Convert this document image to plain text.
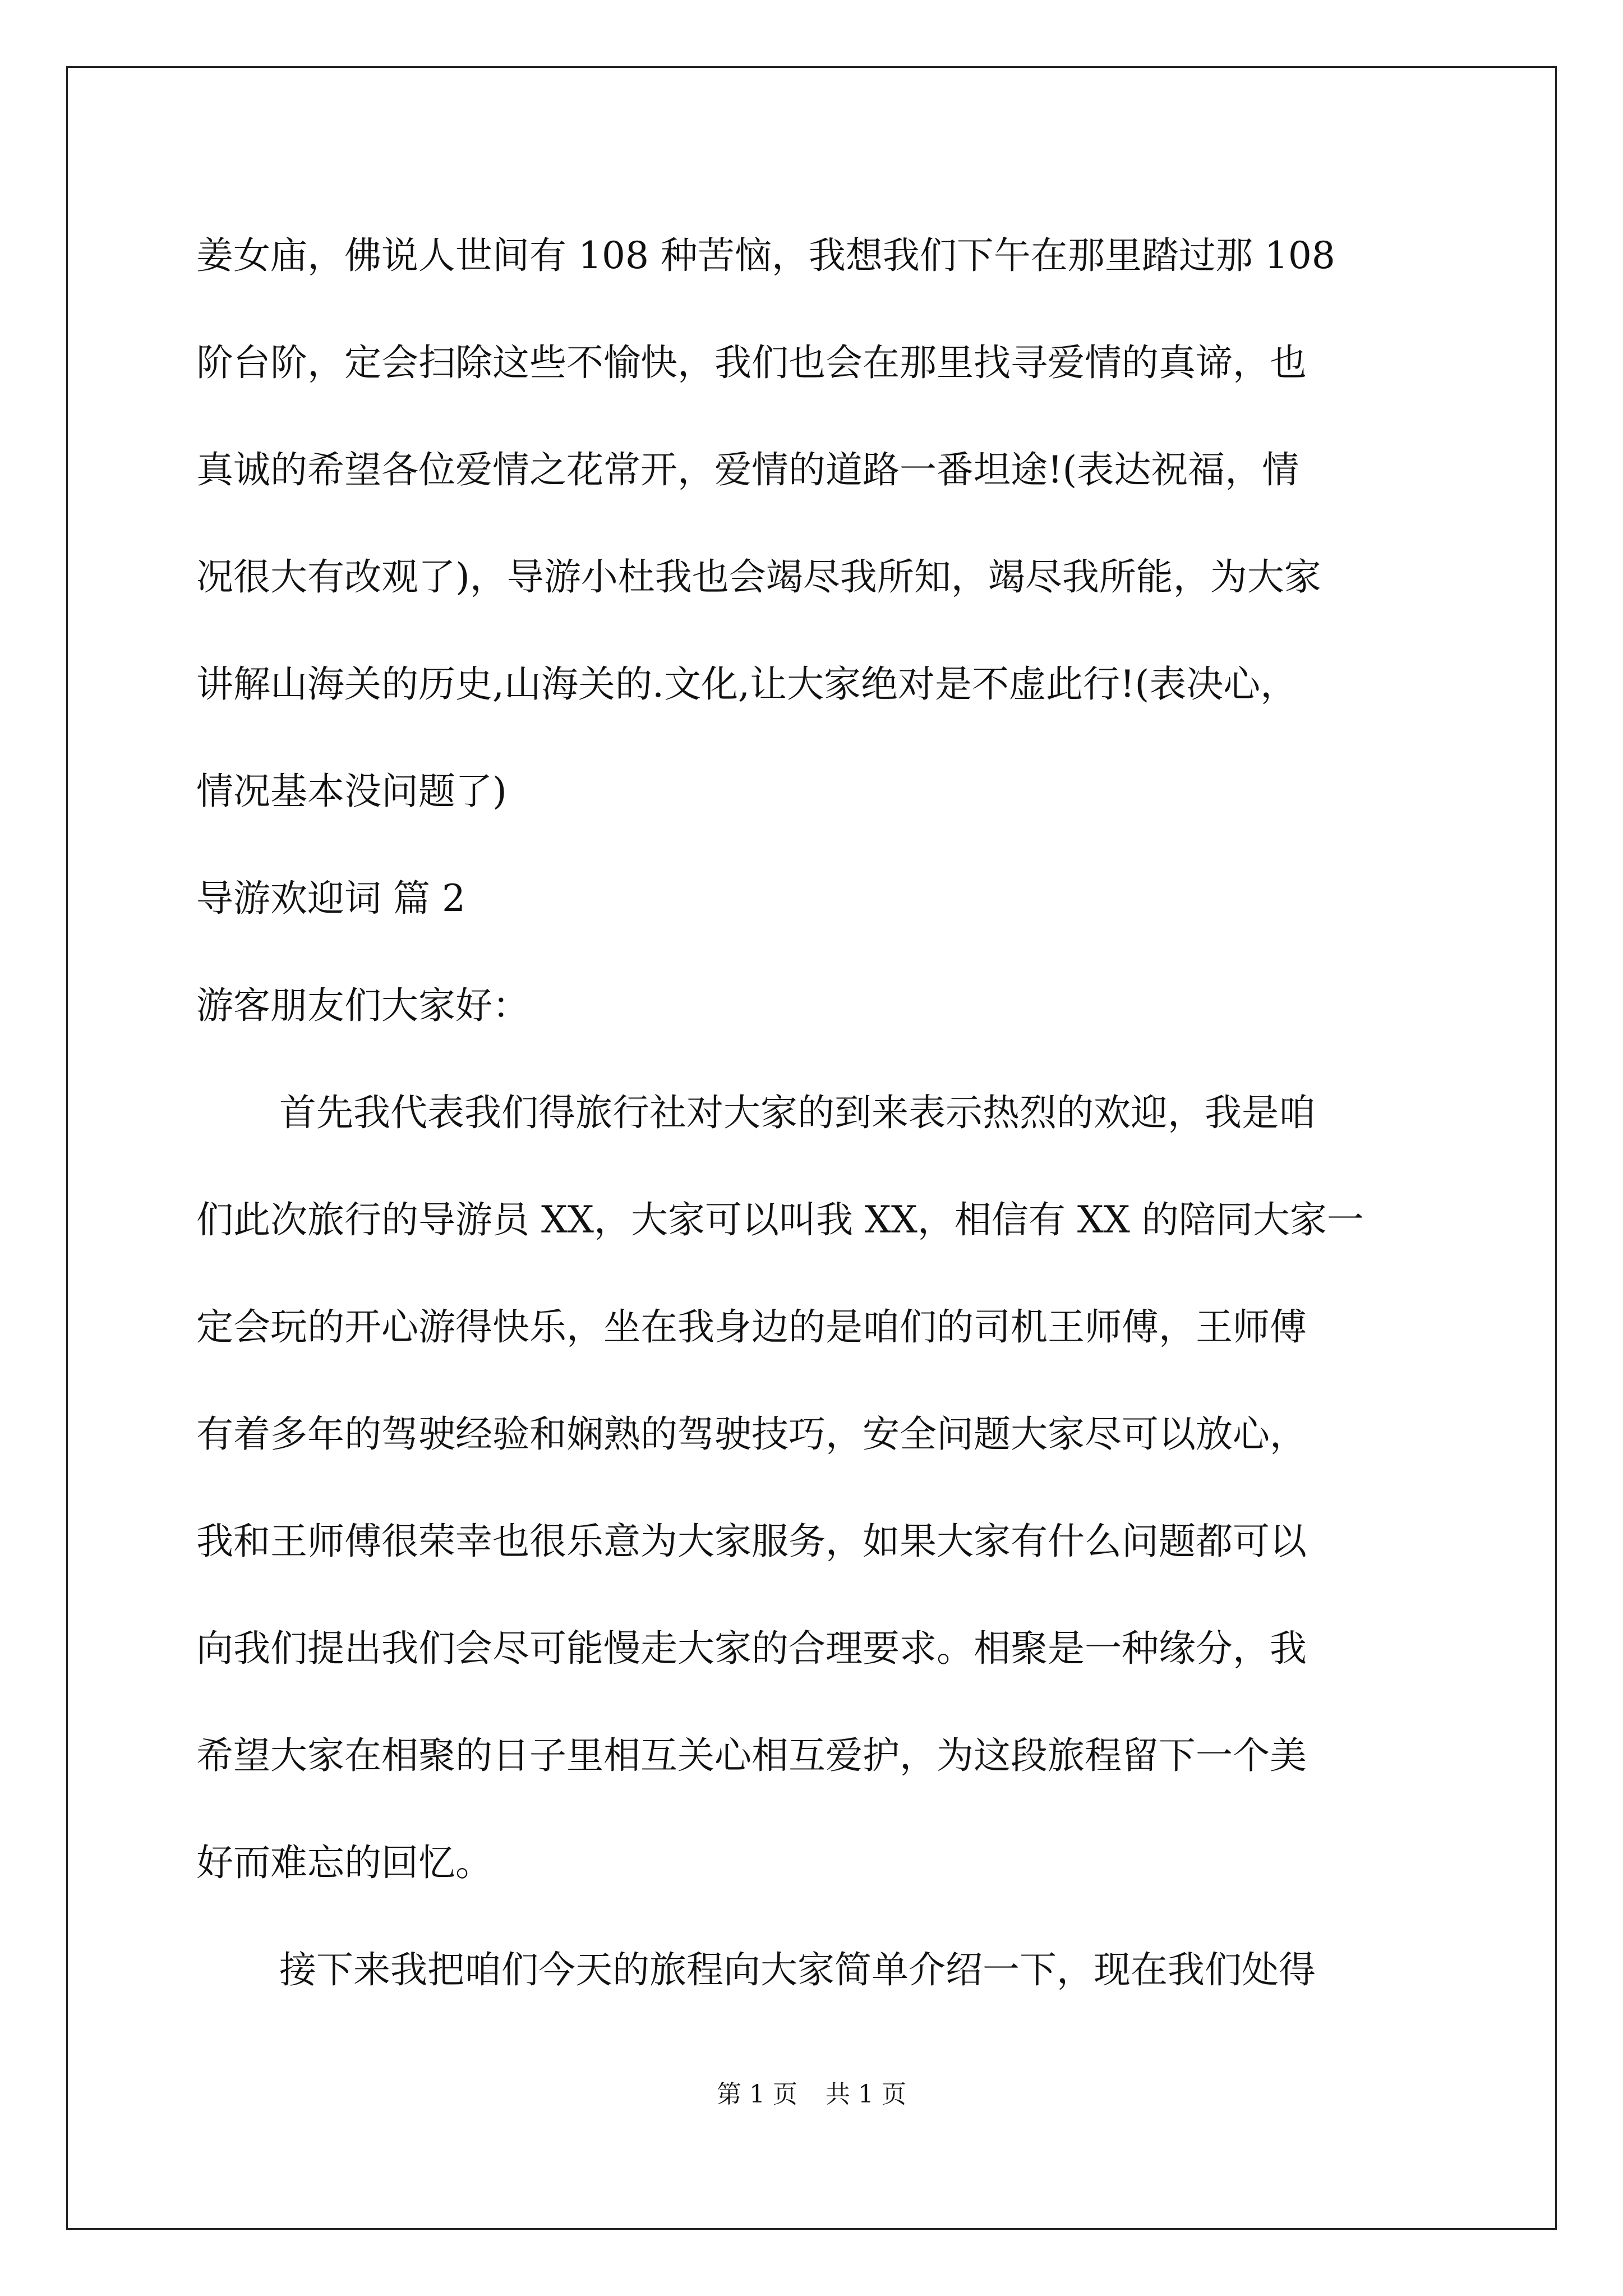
姜女庙，佛说人世间有 108 种苦恼，我想我们下午在那里踏过那 108
阶台阶，定会扫除这些不愉快，我们也会在那里找寻爱情的真谛，也
真诚的希望各位爱情之花常开，爱情的道路一番坦途!(表达祝福，情
况很大有改观了)，导游小杜我也会竭尽我所知，竭尽我所能，为大家
讲解山海关的历史,山海关的.文化,让大家绝对是不虚此行!(表决心，
情况基本没问题了)
导游欢迎词 篇 2
游客朋友们大家好：
首先我代表我们得旅行社对大家的到来表示热烈的欢迎，我是咱
们此次旅行的导游员 XX，大家可以叫我 XX，相信有 XX 的陪同大家一
定会玩的开心游得快乐，坐在我身边的是咱们的司机王师傅，王师傅
有着多年的驾驶经验和娴熟的驾驶技巧，安全问题大家尽可以放心，
我和王师傅很荣幸也很乐意为大家服务，如果大家有什么问题都可以
向我们提出我们会尽可能慢走大家的合理要求。相聚是一种缘分，我
希望大家在相聚的日子里相互关心相互爱护，为这段旅程留下一个美
好而难忘的回忆。
接下来我把咱们今天的旅程向大家简单介绍一下，现在我们处得
第 1 页 共 1 页
